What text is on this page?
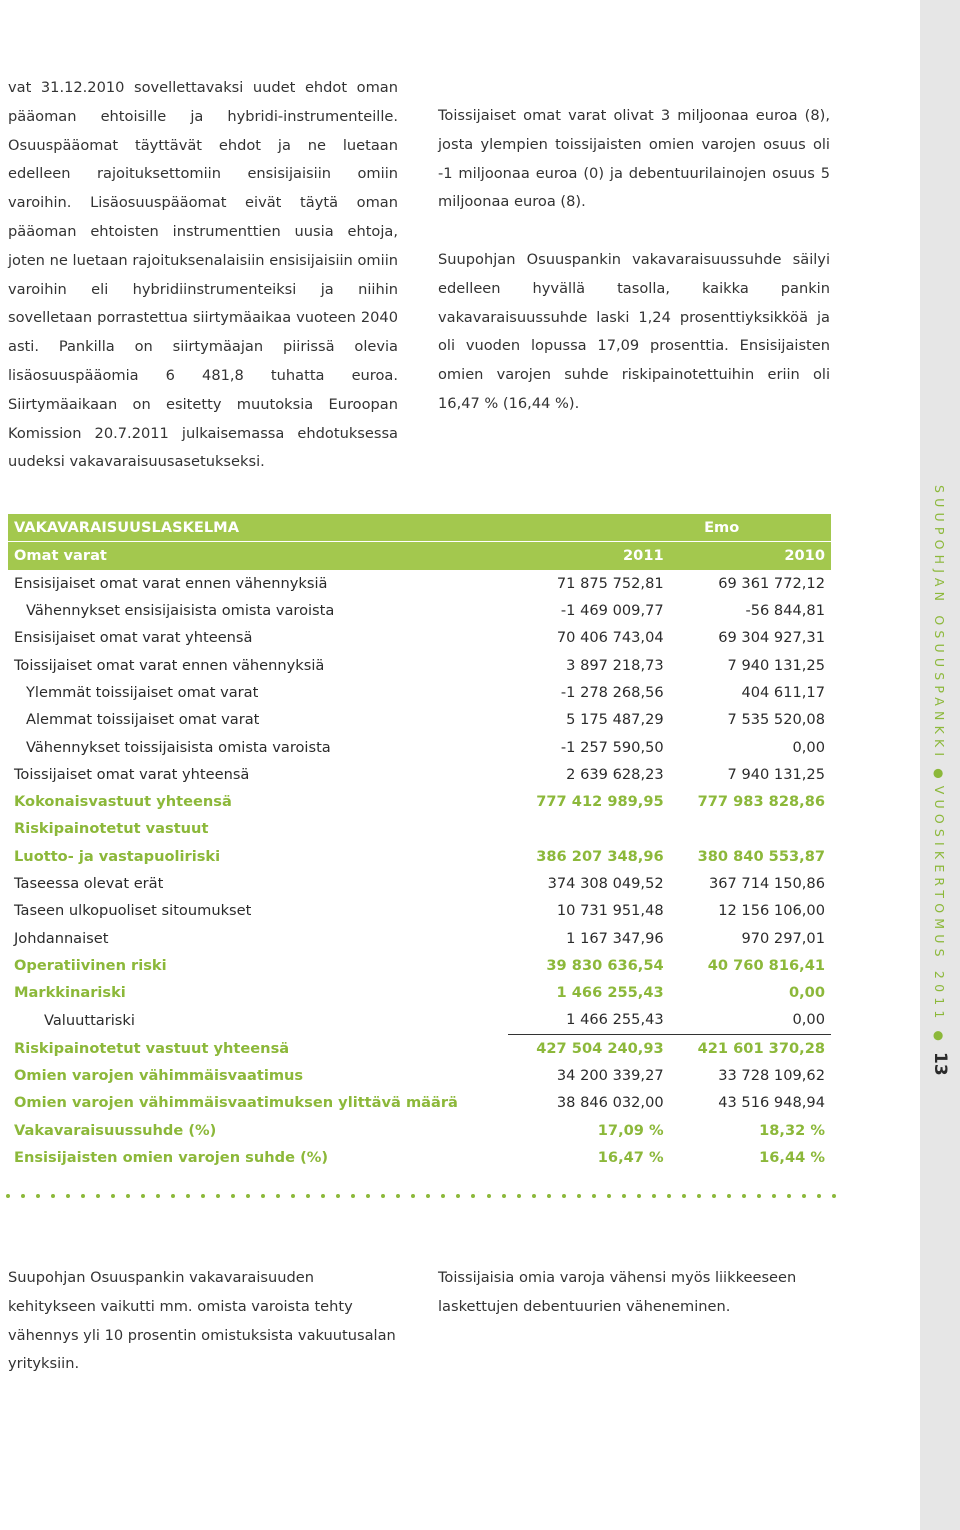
SUUPOHJAN OSUUSPANKKI●VUOSIKERTOMUS 2011●13

vat 31.12.2010 sovellettavaksi uudet ehdot oman pääoman ehtoisille ja hybridi-instrumenteille. Osuuspääomat täyttävät ehdot ja ne luetaan edelleen rajoituksettomiin ensisijaisiin omiin varoihin. Lisäosuuspääomat eivät täytä oman pääoman ehtoisten instrumenttien uusia ehtoja, joten ne luetaan rajoituksenalaisiin ensisijaisiin omiin varoihin eli hybridiinstrumenteiksi ja niihin sovelletaan porrastettua siirtymäaikaa vuoteen 2040 asti. Pankilla on siirtymäajan piirissä olevia lisäosuuspääomia 6 481,8 tuhatta euroa. Siirtymäaikaan on esitetty muutoksia Euroopan Komission 20.7.2011 julkaisemassa ehdotuksessa uudeksi vakavaraisuusasetukseksi.

Toissijaiset omat varat olivat 3 miljoonaa euroa (8), josta ylempien toissijaisten omien varojen osuus oli -1 miljoonaa euroa (0) ja debentuurilainojen osuus 5 miljoonaa euroa (8).

Suupohjan Osuuspankin vakavaraisuussuhde säilyi edelleen hyvällä tasolla, kaikka pankin vakavaraisuussuhde laski 1,24 prosenttiyksikköä ja oli vuoden lopussa 17,09 prosenttia. Ensisijaisten omien varojen suhde riskipainotettuihin eriin oli 16,47 % (16,44 %).

VAKAVARAISUUSLASKELMA	Emo	
Omat varat	2011	2010
Ensisijaiset omat varat ennen vähennyksiä	71 875 752,81	69 361 772,12
Vähennykset ensisijaisista omista varoista	-1 469 009,77	-56 844,81
Ensisijaiset omat varat yhteensä	70 406 743,04	69 304 927,31
Toissijaiset omat varat ennen vähennyksiä	3 897 218,73	7 940 131,25
Ylemmät toissijaiset omat varat	-1 278 268,56	404 611,17
Alemmat toissijaiset omat varat	5 175 487,29	7 535 520,08
Vähennykset toissijaisista omista varoista	-1 257 590,50	0,00
Toissijaiset omat varat yhteensä	2 639 628,23	7 940 131,25
Kokonaisvastuut yhteensä	777 412 989,95	777 983 828,86
Riskipainotetut vastuut		
Luotto- ja vastapuoliriski	386 207 348,96	380 840 553,87
Taseessa olevat erät	374 308 049,52	367 714 150,86
Taseen ulkopuoliset sitoumukset	10 731 951,48	12 156 106,00
Johdannaiset	1 167 347,96	970 297,01
Operatiivinen riski	39 830 636,54	40 760 816,41
Markkinariski	1 466 255,43	0,00
Valuuttariski	1 466 255,43	0,00
Riskipainotetut vastuut yhteensä	427 504 240,93	421 601 370,28
Omien varojen vähimmäisvaatimus	34 200 339,27	33 728 109,62
Omien varojen vähimmäisvaatimuksen ylittävä määrä	38 846 032,00	43 516 948,94
Vakavaraisuussuhde (%)	17,09 %	18,32 %
Ensisijaisten omien varojen suhde (%)	16,47 %	16,44 %

Suupohjan Osuuspankin vakavaraisuuden kehitykseen vaikutti mm. omista varoista tehty vähennys yli 10 prosentin omistuksista vakuutusalan yrityksiin.

Toissijaisia omia varoja vähensi myös liikkeeseen laskettujen debentuurien väheneminen.
